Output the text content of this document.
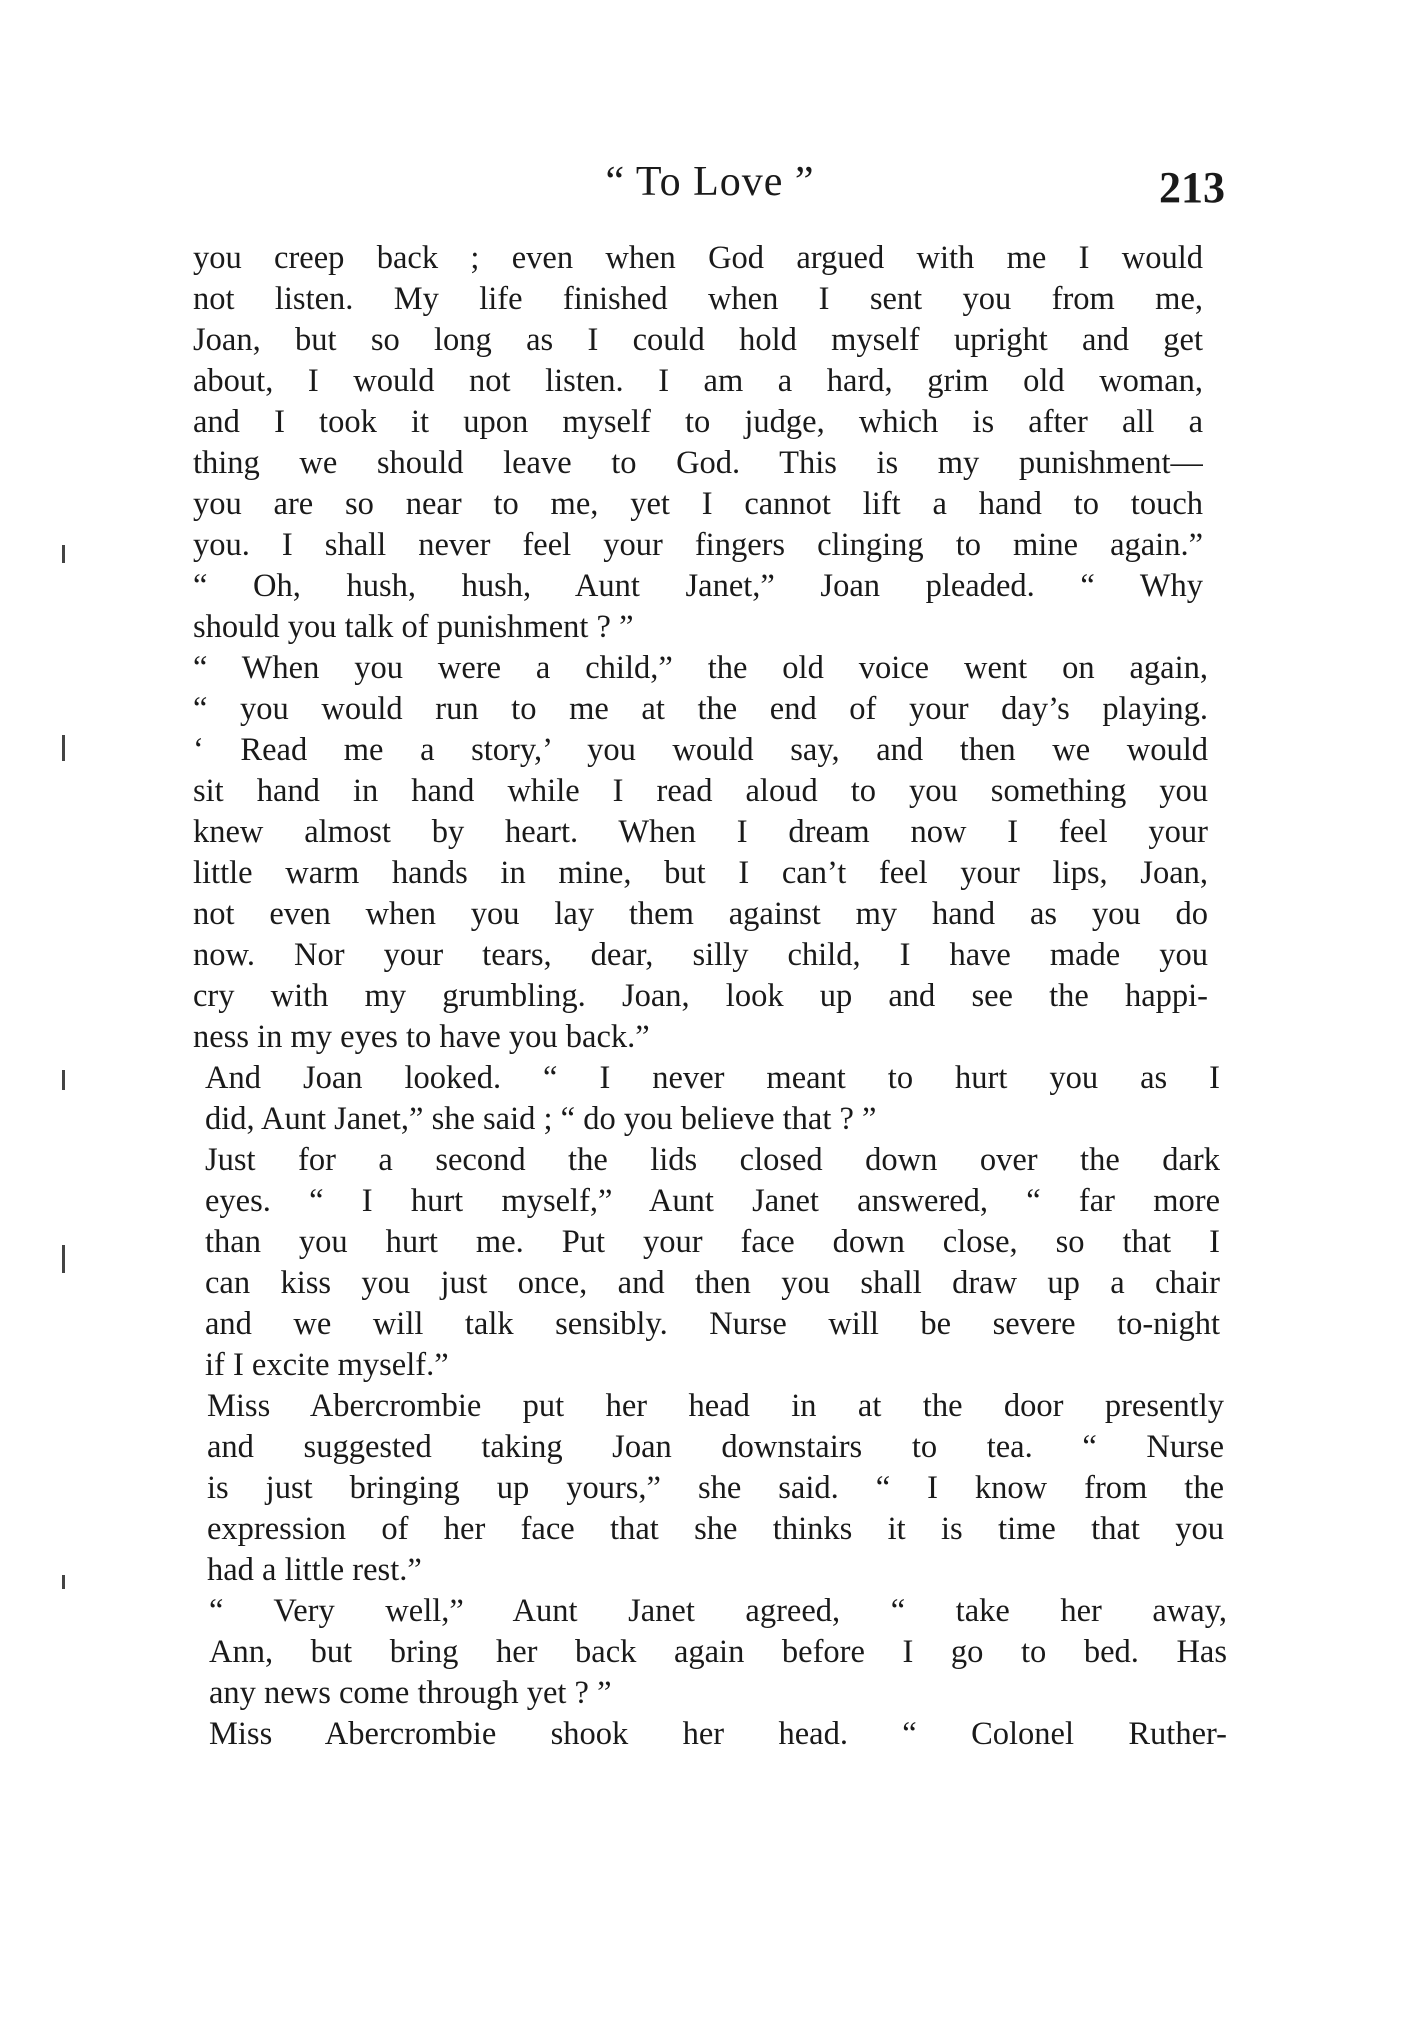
“ To Love ”	213
you creep back ; even when God argued with me I would
not listen. My life finished when I sent you from me,
Joan, but so long as I could hold myself upright and get
about, I would not listen. I am a hard, grim old woman,
and I took it upon myself to judge, which is after all a
thing we should leave to God. This is my punishment—
you are so near to me, yet I cannot lift a hand to touch
you. I shall never feel your fingers clinging to mine again.”
“ Oh, hush, hush, Aunt Janet,” Joan pleaded. “ Why
should you talk of punishment ? ”
“ When you were a child,” the old voice went on again,
“ you would run to me at the end of your day’s playing.
‘ Read me a story,’ you would say, and then we would
sit hand in hand while I read aloud to you something you
knew almost by heart. When I dream now I feel your
little warm hands in mine, but I can’t feel your lips, Joan,
not even when you lay them against my hand as you do
now. Nor your tears, dear, silly child, I have made you
cry with my grumbling. Joan, look up and see the happi-
ness in my eyes to have you back.”
And Joan looked. “ I never meant to hurt you as I
did, Aunt Janet,” she said ; “ do you believe that ? ”
Just for a second the lids closed down over the dark
eyes. “ I hurt myself,” Aunt Janet answered, “ far more
than you hurt me. Put your face down close, so that I
can kiss you just once, and then you shall draw up a chair
and we will talk sensibly. Nurse will be severe to-night
if I excite myself.”
Miss Abercrombie put her head in at the door presently
and suggested taking Joan downstairs to tea. “ Nurse
is just bringing up yours,” she said. “ I know from the
expression of her face that she thinks it is time that you
had a little rest.”
“ Very well,” Aunt Janet agreed, “ take her away,
Ann, but bring her back again before I go to bed. Has
any news come through yet ? ”
Miss Abercrombie shook her head. “ Colonel Ruther-
